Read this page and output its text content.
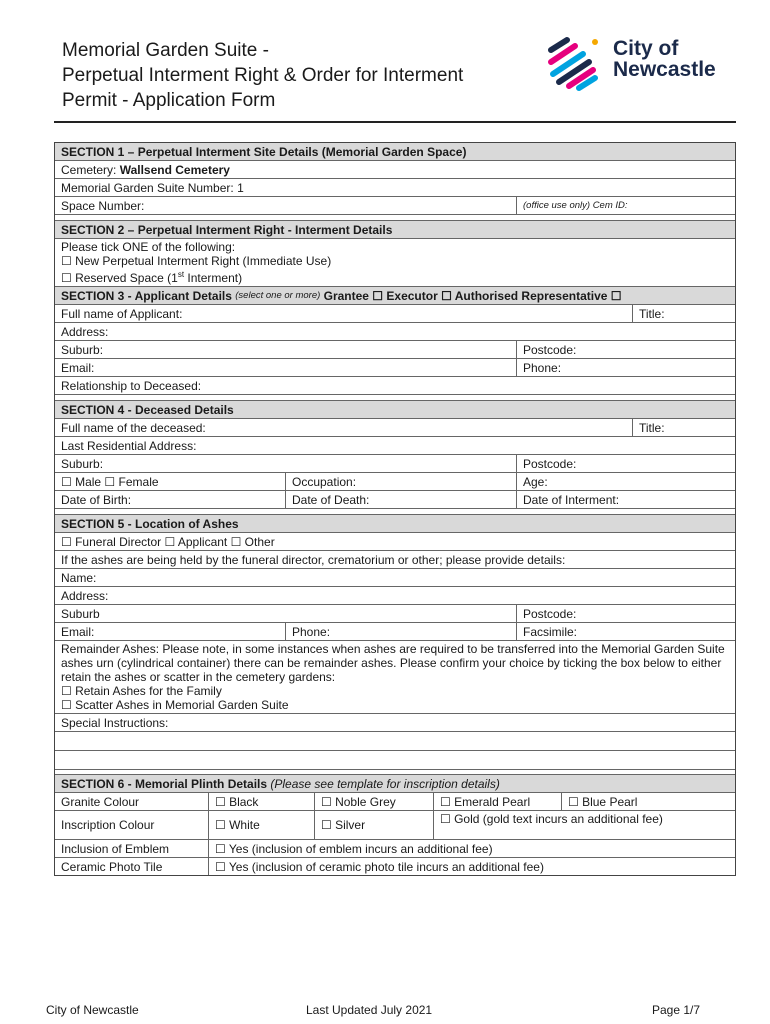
Memorial Garden Suite -
Perpetual Interment Right & Order for Interment
Permit - Application Form
City of
Newcastle
SECTION 1 – Perpetual Interment Site Details (Memorial Garden Space)
Cemetery:
Wallsend Cemetery
Memorial Garden Suite Number: 1
Space Number:	(office use only) Cem ID:
SECTION 2 – Perpetual Interment Right - Interment Details
Please tick ONE of the following:
☐ New Perpetual Interment Right (Immediate Use)
☐ Reserved Space (1st Interment)
SECTION 3 - Applicant Details
(select one or more)
Grantee ☐ Executor ☐ Authorised Representative ☐
Full name of Applicant:	Title:
Address:
Suburb:	Postcode:
Email:	Phone:
Relationship to Deceased:
SECTION 4 - Deceased Details
Full name of the deceased:	Title:
Last Residential Address:
Suburb:	Postcode:
☐ Male ☐ Female	Occupation:	Age:
Date of Birth:	Date of Death:	Date of Interment:
SECTION 5 - Location of Ashes
☐ Funeral Director ☐ Applicant ☐ Other
If the ashes are being held by the funeral director, crematorium or other; please provide details:
Name:
Address:
Suburb	Postcode:
Email:	Phone:	Facsimile:
Remainder Ashes: Please note, in some instances when ashes are required to be transferred into the Memorial Garden Suite ashes urn (cylindrical container) there can be remainder ashes. Please confirm your choice by ticking the box below to either retain the ashes or scatter in the cemetery gardens:
☐ Retain Ashes for the Family
☐ Scatter Ashes in Memorial Garden Suite
Special Instructions:
SECTION 6 - Memorial Plinth Details
(Please see template for inscription details)
Granite Colour	☐ Black	☐ Noble Grey	☐ Emerald Pearl	☐ Blue Pearl
Inscription Colour	☐ White	☐ Silver	☐ Gold (gold text incurs an additional fee)
Inclusion of Emblem	☐ Yes (inclusion of emblem incurs an additional fee)
Ceramic Photo Tile	☐ Yes (inclusion of ceramic photo tile incurs an additional fee)
City of Newcastle	Last Updated July 2021	Page 1/7
